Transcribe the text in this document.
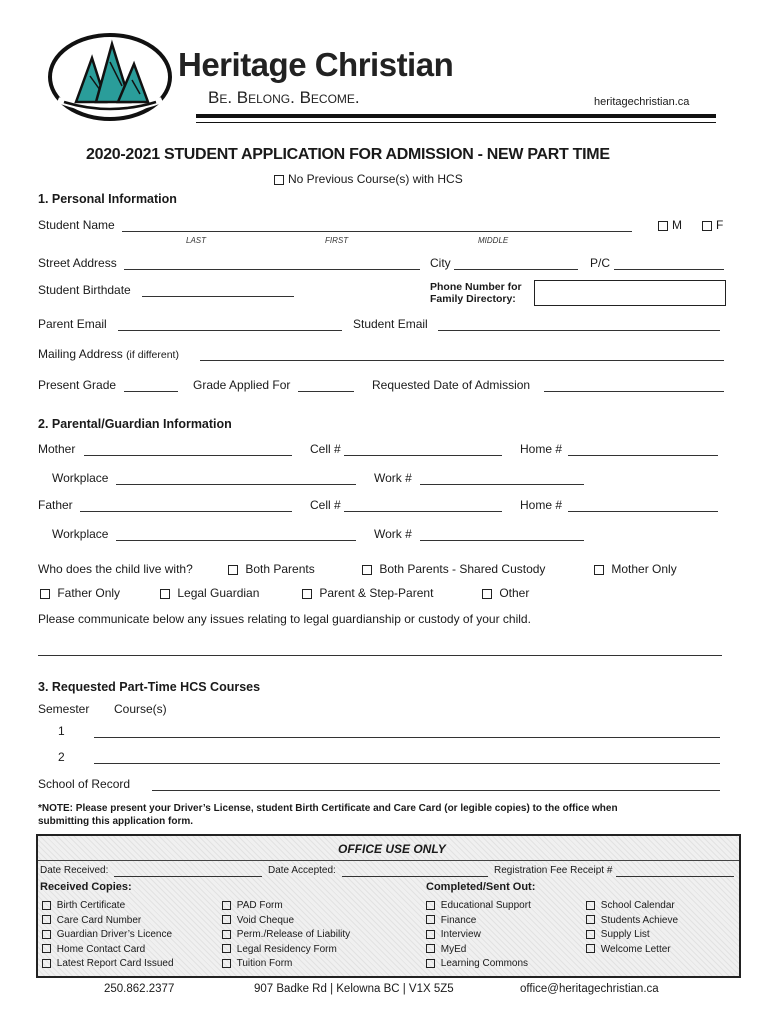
Heritage Christian
Be. Belong. Become.	heritagechristian.ca
2020-2021 STUDENT APPLICATION FOR ADMISSION - NEW PART TIME
No Previous Course(s) with HCS
1. Personal Information
Student Name	M	F
LAST	FIRST	MIDDLE
Street Address	City	P/C
Student Birthdate	Phone Number for
Family Directory:
Parent Email	Student Email
Mailing Address (if different)
Present Grade	Grade Applied For	Requested Date of Admission
2. Parental/Guardian Information
Mother	Cell #	Home #
Workplace	Work #
Father	Cell #	Home #
Workplace	Work #
Who does the child live with?	Both Parents	Both Parents - Shared Custody	Mother Only
Father Only	Legal Guardian	Parent & Step-Parent	Other
Please communicate below any issues relating to legal guardianship or custody of your child.
3. Requested Part-Time HCS Courses
Semester Course(s)
1
2
School of Record
*NOTE: Please present your Driver’s License, student Birth Certificate and Care Card (or legible copies) to the office when
submitting this application form.
OFFICE USE ONLY
Date Received:	Date Accepted:	Registration Fee Receipt #
Received Copies:	Completed/Sent Out:
Birth Certificate
Care Card Number
Guardian Driver’s Licence
Home Contact Card
Latest Report Card Issued
PAD Form
Void Cheque
Perm./Release of Liability
Legal Residency Form
Tuition Form
Educational Support
Finance
Interview
MyEd
Learning Commons
School Calendar
Students Achieve
Supply List
Welcome Letter
250.862.2377	907 Badke Rd | Kelowna BC | V1X 5Z5	office@heritagechristian.ca
